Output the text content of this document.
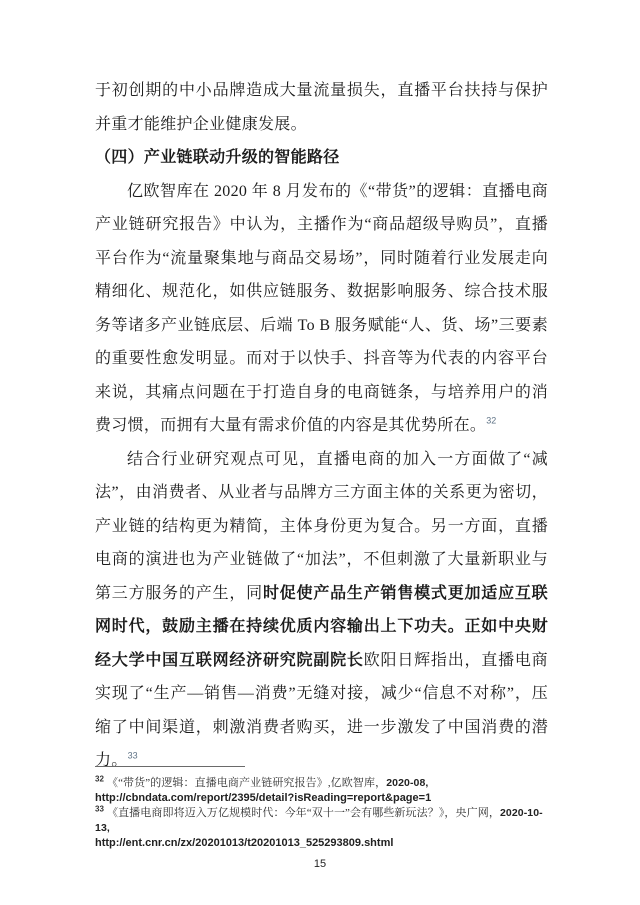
于初创期的中小品牌造成大量流量损失，直播平台扶持与保护并重才能维护企业健康发展。

（四）产业链联动升级的智能路径

亿欧智库在 2020 年 8 月发布的《“带货”的逻辑：直播电商产业链研究报告》中认为，主播作为“商品超级导购员”，直播平台作为“流量聚集地与商品交易场”，同时随着行业发展走向精细化、规范化，如供应链服务、数据影响服务、综合技术服务等诸多产业链底层、后端 To B 服务赋能“人、货、场”三要素的重要性愈发明显。而对于以快手、抖音等为代表的内容平台来说，其痛点问题在于打造自身的电商链条，与培养用户的消费习惯，而拥有大量有需求价值的内容是其优势所在。$^{32}$

结合行业研究观点可见，直播电商的加入一方面做了“减法”，由消费者、从业者与品牌方三方面主体的关系更为密切，产业链的结构更为精简，主体身份更为复合。另一方面，直播电商的演进也为产业链做了“加法”，不但刺激了大量新职业与第三方服务的产生，同时促使产品生产销售模式更加适应互联网时代，鼓励主播在持续优质内容输出上下功夫。正如中央财经大学中国互联网经济研究院副院长欧阳日辉指出，直播电商实现了“生产—销售—消费”无缝对接，减少“信息不对称”，压缩了中间渠道，刺激消费者购买，进一步激发了中国消费的潜力。$^{33}$

$^{32}$ 《“带货”的逻辑：直播电商产业链研究报告》,亿欧智库，2020-08,
http://cbndata.com/report/2395/detail?isReading=report&page=1
$^{33}$ 《直播电商即将迈入万亿规模时代：今年“双十一”会有哪些新玩法？》，央广网，2020-10-13,
http://ent.cnr.cn/zx/20201013/t20201013_525293809.shtml
15
